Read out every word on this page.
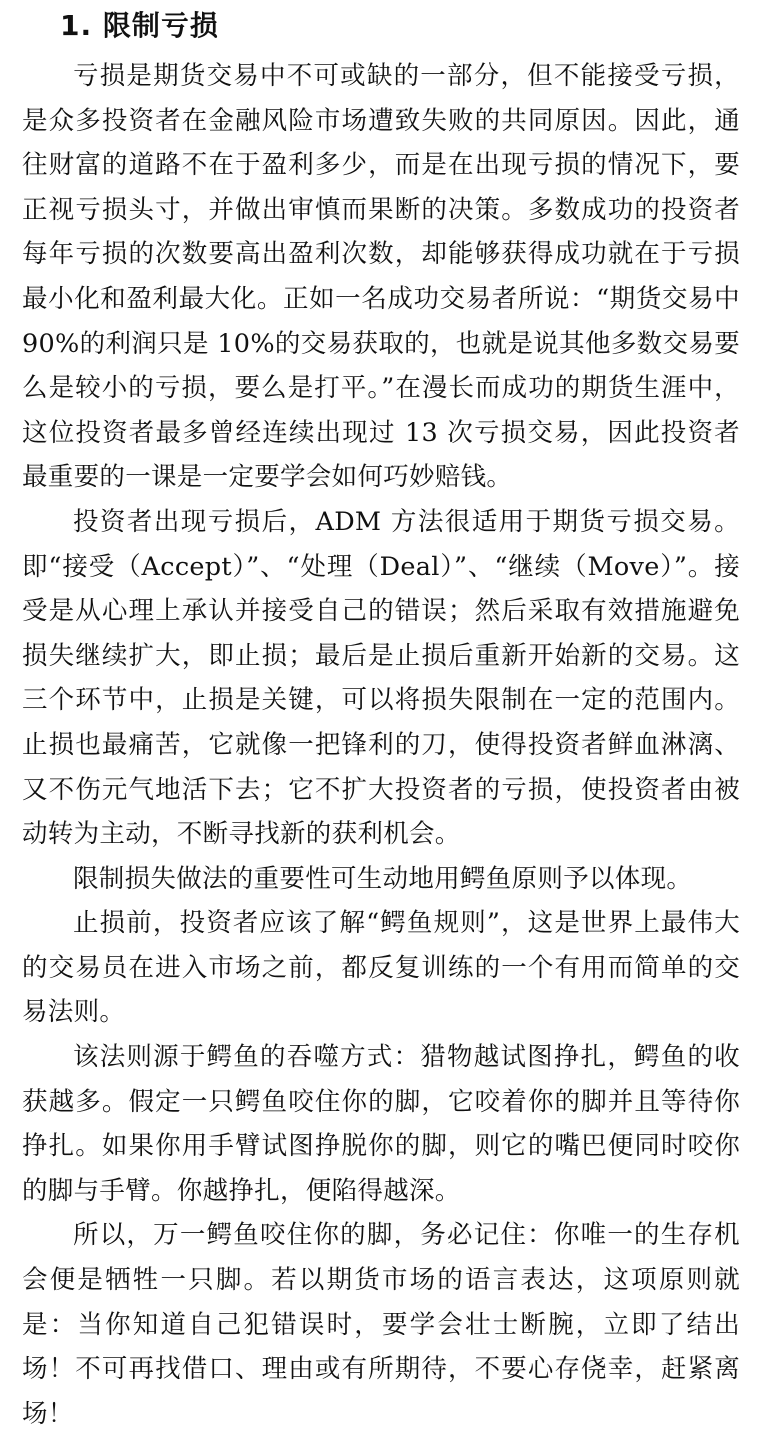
1. 限制亏损

亏损是期货交易中不可或缺的一部分，但不能接受亏损，是众多投资者在金融风险市场遭致失败的共同原因。因此，通往财富的道路不在于盈利多少，而是在出现亏损的情况下，要正视亏损头寸，并做出审慎而果断的决策。多数成功的投资者每年亏损的次数要高出盈利次数，却能够获得成功就在于亏损最小化和盈利最大化。正如一名成功交易者所说：“期货交易中 90%的利润只是 10%的交易获取的，也就是说其他多数交易要么是较小的亏损，要么是打平。”在漫长而成功的期货生涯中，这位投资者最多曾经连续出现过 13 次亏损交易，因此投资者最重要的一课是一定要学会如何巧妙赔钱。

投资者出现亏损后，ADM 方法很适用于期货亏损交易。即“接受（Accept）”、“处理（Deal）”、“继续（Move）”。接受是从心理上承认并接受自己的错误；然后采取有效措施避免损失继续扩大，即止损；最后是止损后重新开始新的交易。这三个环节中，止损是关键，可以将损失限制在一定的范围内。止损也最痛苦，它就像一把锋利的刀，使得投资者鲜血淋漓、又不伤元气地活下去；它不扩大投资者的亏损，使投资者由被动转为主动，不断寻找新的获利机会。

限制损失做法的重要性可生动地用鳄鱼原则予以体现。

止损前，投资者应该了解“鳄鱼规则”，这是世界上最伟大的交易员在进入市场之前，都反复训练的一个有用而简单的交易法则。

该法则源于鳄鱼的吞噬方式：猎物越试图挣扎，鳄鱼的收获越多。假定一只鳄鱼咬住你的脚，它咬着你的脚并且等待你挣扎。如果你用手臂试图挣脱你的脚，则它的嘴巴便同时咬你的脚与手臂。你越挣扎，便陷得越深。

所以，万一鳄鱼咬住你的脚，务必记住：你唯一的生存机会便是牺牲一只脚。若以期货市场的语言表达，这项原则就是：当你知道自己犯错误时，要学会壮士断腕，立即了结出场！不可再找借口、理由或有所期待，不要心存侥幸，赶紧离场！
